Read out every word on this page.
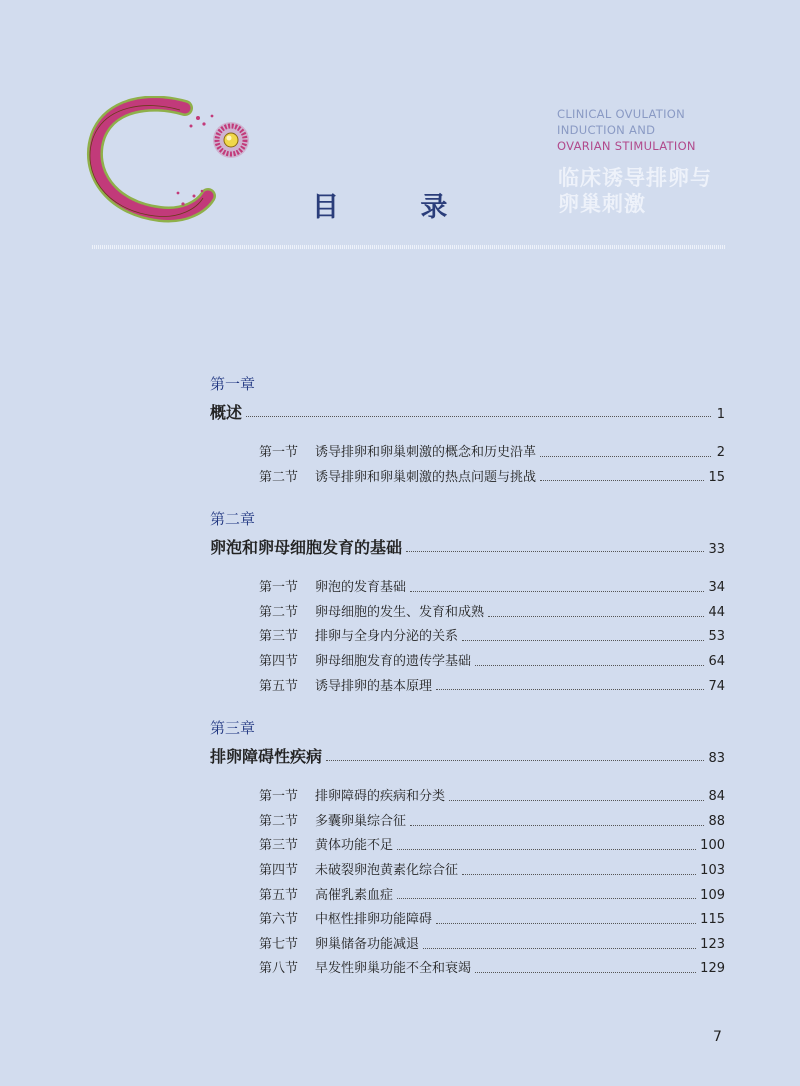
目 录
CLINICAL OVULATION
INDUCTION AND
OVARIAN STIMULATION
临床诱导排卵与
卵巢刺激
第一章
概述	1
第一节	诱导排卵和卵巢刺激的概念和历史沿革	2
第二节	诱导排卵和卵巢刺激的热点问题与挑战	15
第二章
卵泡和卵母细胞发育的基础	33
第一节	卵泡的发育基础	34
第二节	卵母细胞的发生、发育和成熟	44
第三节	排卵与全身内分泌的关系	53
第四节	卵母细胞发育的遗传学基础	64
第五节	诱导排卵的基本原理	74
第三章
排卵障碍性疾病	83
第一节	排卵障碍的疾病和分类	84
第二节	多囊卵巢综合征	88
第三节	黄体功能不足	100
第四节	未破裂卵泡黄素化综合征	103
第五节	高催乳素血症	109
第六节	中枢性排卵功能障碍	115
第七节	卵巢储备功能减退	123
第八节	早发性卵巢功能不全和衰竭	129
7
